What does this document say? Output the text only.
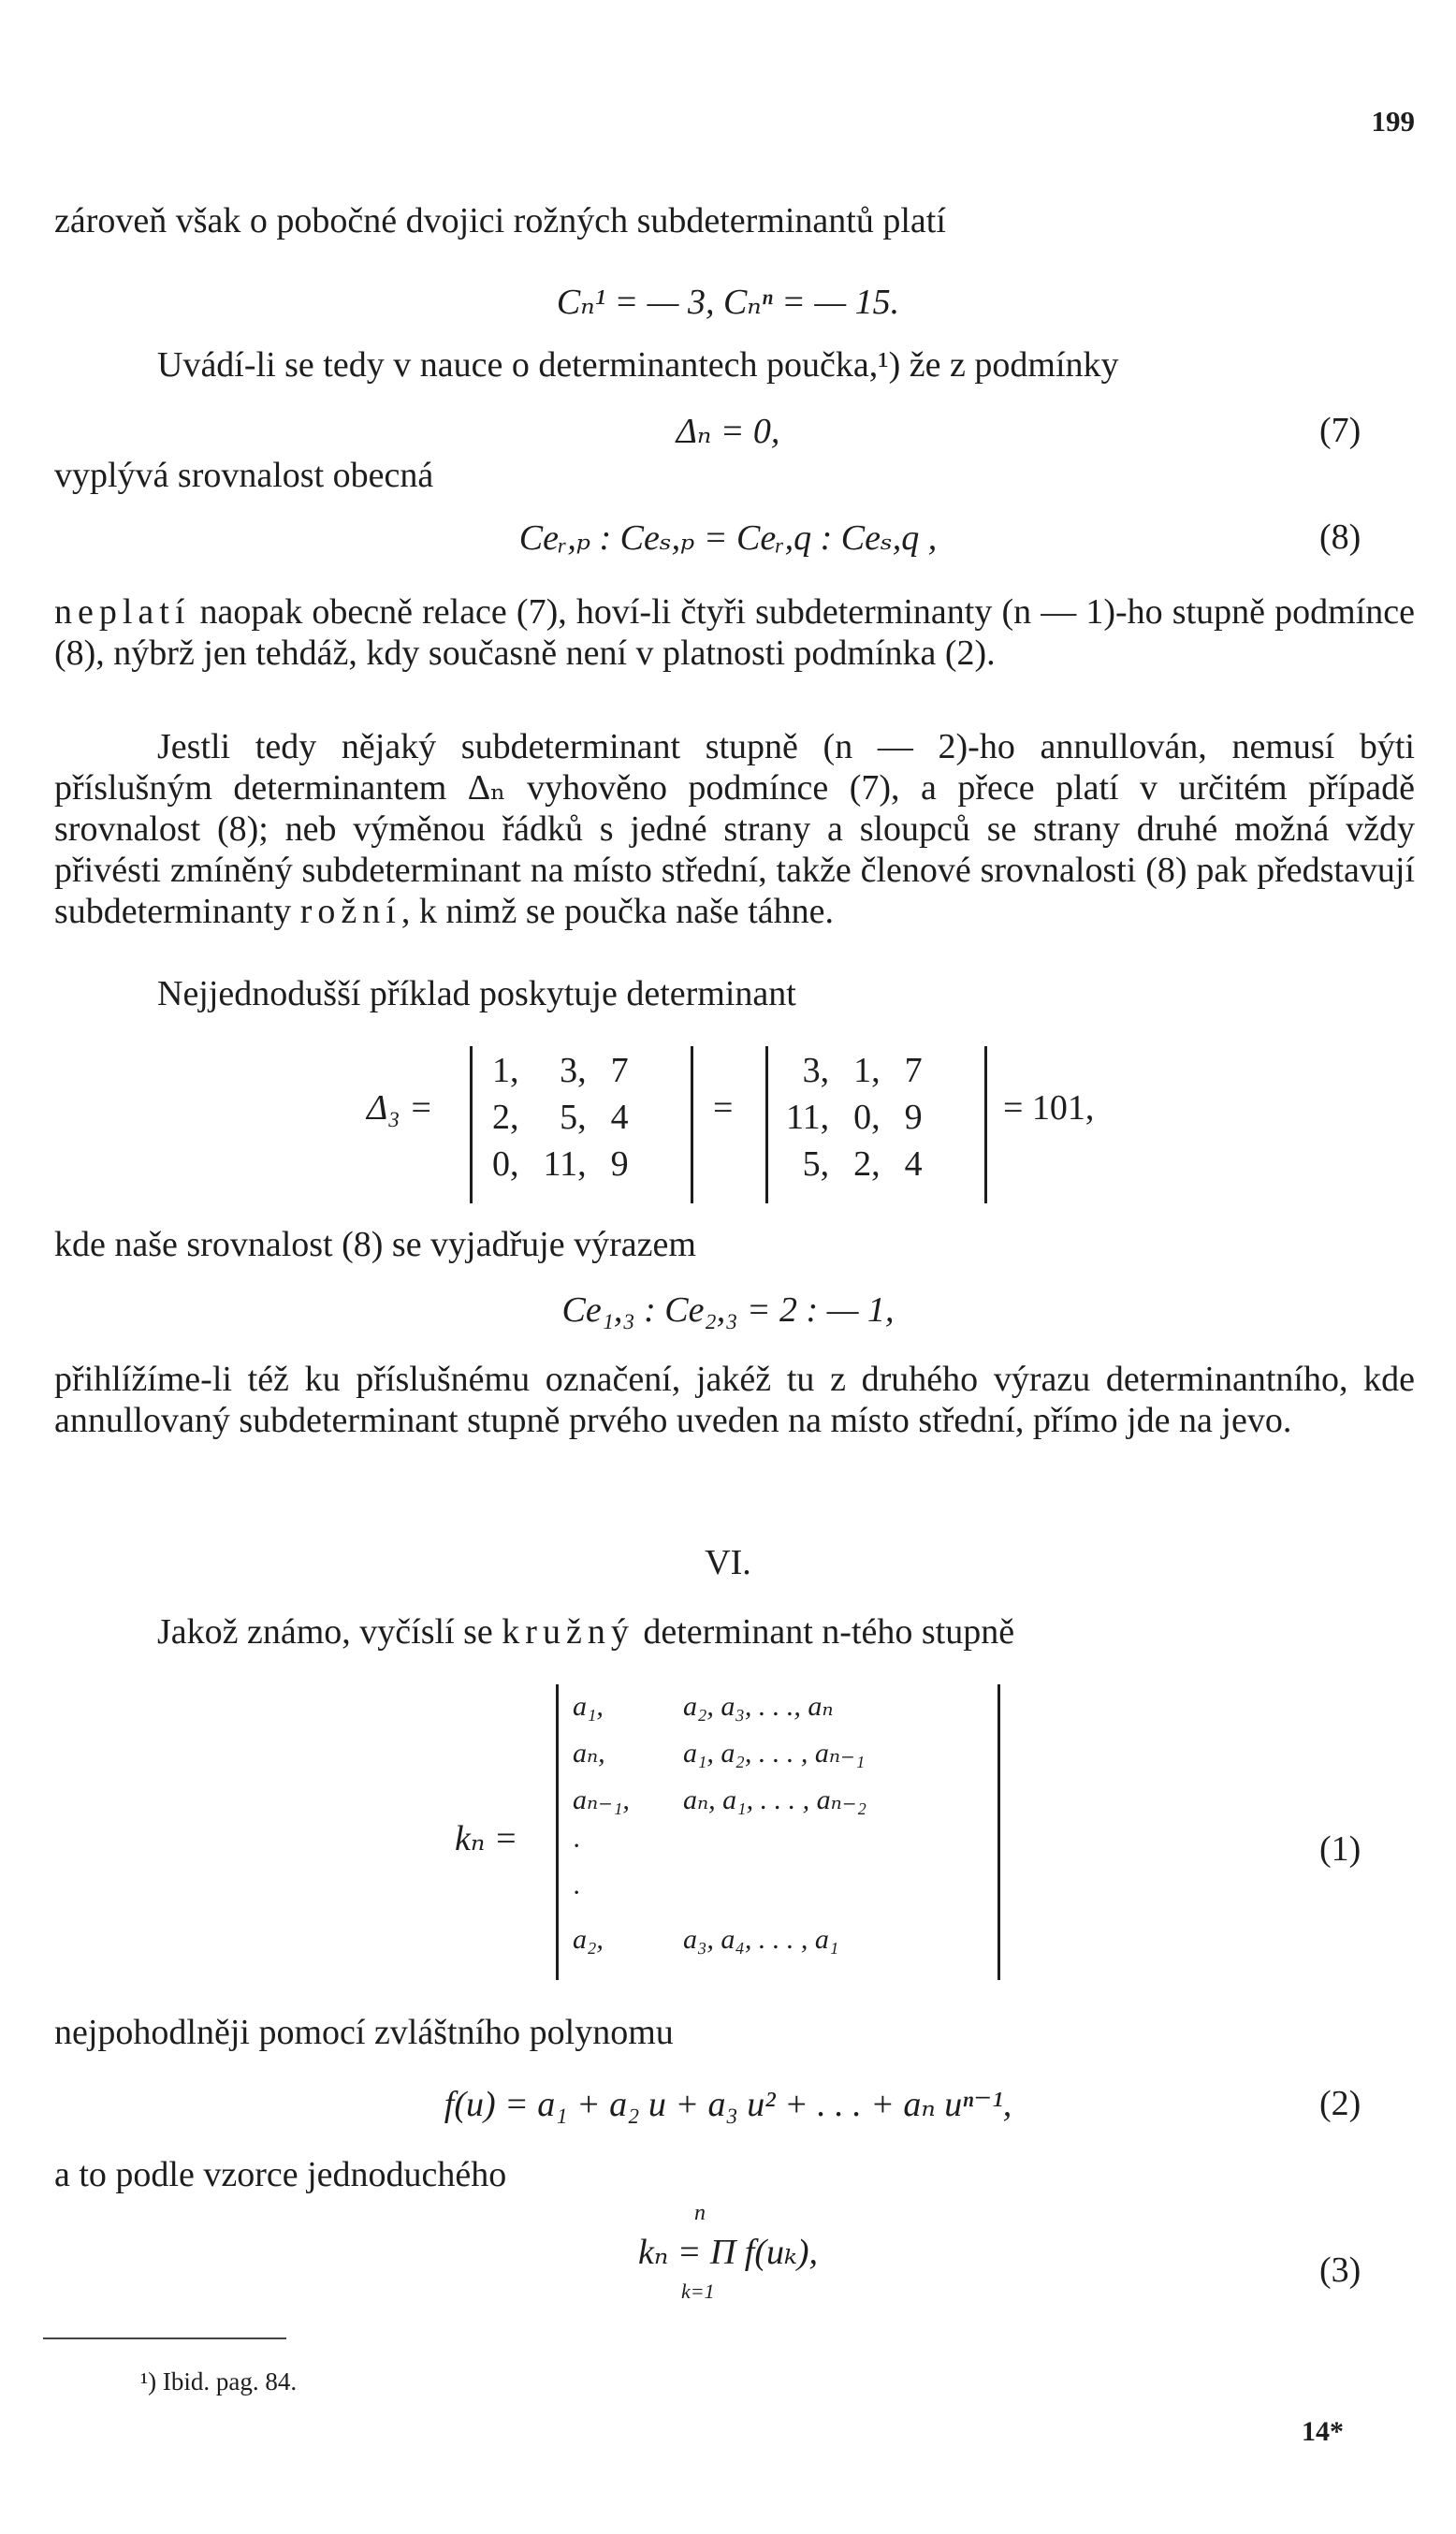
199
zároveň však o pobočné dvojici rožných subdeterminantů platí
Cₙ¹ = — 3, Cₙⁿ = — 15.
Uvádí-li se tedy v nauce o determinantech poučka,¹) že z podmínky
Δₙ = 0,	(7)
vyplývá srovnalost obecná
Ceᵣ,ₚ : Ceₛ,ₚ = Ceᵣ,q : Ceₛ,q ,	(8)
neplatí naopak obecně relace (7), hoví-li čtyři subdeterminanty (n — 1)-ho stupně podmínce (8), nýbrž jen tehdáž, kdy současně není v platnosti podmínka (2).
Jestli tedy nějaký subdeterminant stupně (n — 2)-ho annullován, nemusí býti příslušným determinantem Δₙ vyhověno podmínce (7), a přece platí v určitém případě srovnalost (8); neb výměnou řádků s jedné strany a sloupců se strany druhé možná vždy přivésti zmíněný subdeterminant na místo střední, takže členové srovnalosti (8) pak představují subdeterminanty rožní, k nimž se poučka naše táhne.
Nejjednodušší příklad poskytuje determinant
Δ₃ =
1,	3,	7
2,	5,	4
0,	11,	9
=
3,	1,	7
11,	0,	9
5,	2,	4
= 101,
kde naše srovnalost (8) se vyjadřuje výrazem
Ce₁,₃ : Ce₂,₃ = 2 : — 1,
přihlížíme-li též ku příslušnému označení, jakéž tu z druhého výrazu determinantního, kde annullovaný subdeterminant stupně prvého uveden na místo střední, přímo jde na jevo.
VI.
Jakož známo, vyčíslí se kružný determinant n-tého stupně
kₙ =
a₁,	a₂, a₃, . . ., aₙ
aₙ,	a₁, a₂, . . . , aₙ₋₁
aₙ₋₁, aₙ, a₁, . . . , aₙ₋₂
·
·
a₂,	a₃, a₄, . . . , a₁
(1)
nejpohodlněji pomocí zvláštního polynomu
f(u) = a₁ + a₂ u + a₃ u² + . . . + aₙ uⁿ⁻¹,	(2)
a to podle vzorce jednoduchého
n
kₙ = Π f(uₖ),
k=1
(3)
¹) Ibid. pag. 84.
14*
